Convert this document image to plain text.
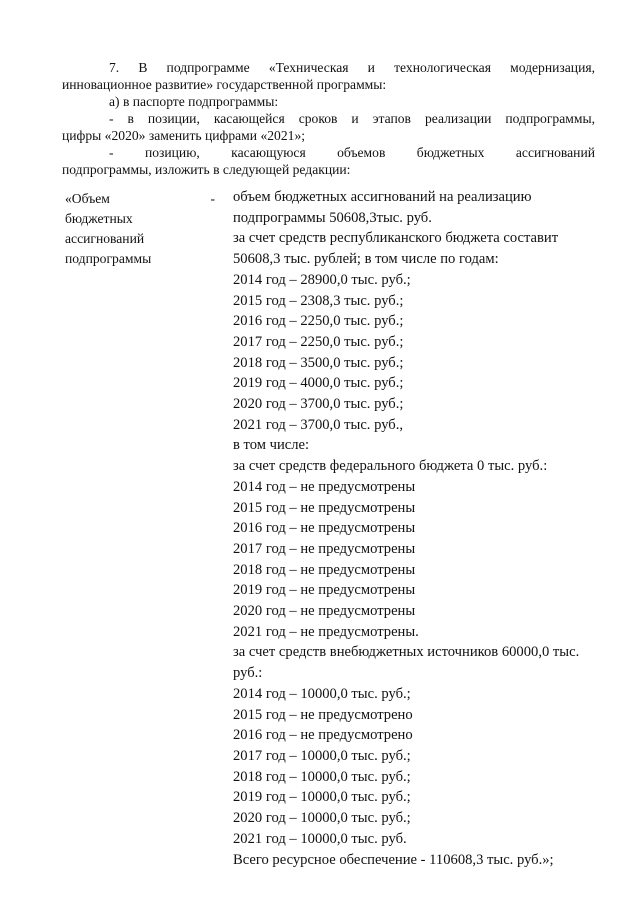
7. В подпрограмме «Техническая и технологическая модернизация,

инновационное развитие» государственной программы:

а) в паспорте подпрограммы:

- в позиции, касающейся сроков и этапов реализации подпрограммы,

цифры «2020» заменить цифрами «2021»;

- позицию, касающуюся объемов бюджетных ассигнований

подпрограммы, изложить в следующей редакции:

«Объем	-
бюджетных
ассигнований
подпрограммы
объем бюджетных ассигнований на реализацию
подпрограммы 50608,3тыс. руб.
за счет средств республиканского бюджета составит
50608,3 тыс. рублей; в том числе по годам:
2014 год – 28900,0 тыс. руб.;
2015 год – 2308,3 тыс. руб.;
2016 год – 2250,0 тыс. руб.;
2017 год – 2250,0 тыс. руб.;
2018 год – 3500,0 тыс. руб.;
2019 год – 4000,0 тыс. руб.;
2020 год – 3700,0 тыс. руб.;
2021 год – 3700,0 тыс. руб.,
в том числе:
за счет средств федерального бюджета 0 тыс. руб.:
2014 год – не предусмотрены
2015 год – не предусмотрены
2016 год – не предусмотрены
2017 год – не предусмотрены
2018 год – не предусмотрены
2019 год – не предусмотрены
2020 год – не предусмотрены
2021 год – не предусмотрены.
за счет средств внебюджетных источников 60000,0 тыс.
руб.:
2014 год – 10000,0 тыс. руб.;
2015 год – не предусмотрено
2016 год – не предусмотрено
2017 год – 10000,0 тыс. руб.;
2018 год – 10000,0 тыс. руб.;
2019 год – 10000,0 тыс. руб.;
2020 год – 10000,0 тыс. руб.;
2021 год – 10000,0 тыс. руб.
Всего ресурсное обеспечение - 110608,3 тыс. руб.»;
